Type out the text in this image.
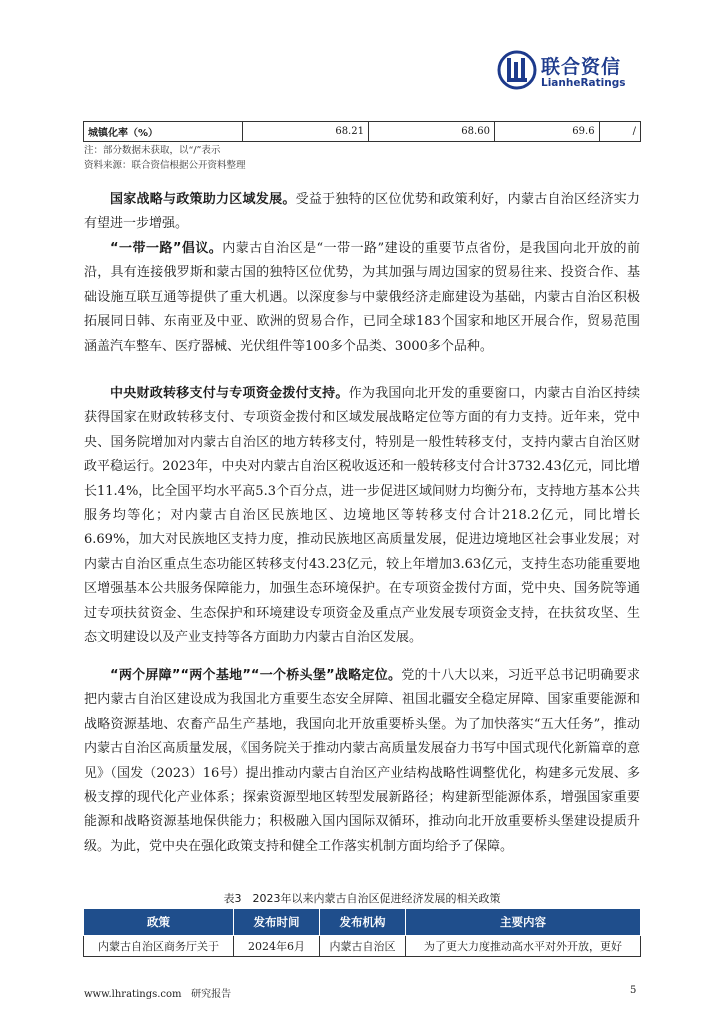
联合资信
LianheRatings
城镇化率（%）	68.21	68.60	69.6	/
注：部分数据未获取，以“/”表示
资料来源：联合资信根据公开资料整理

国家战略与政策助力区域发展。受益于独特的区位优势和政策利好，内蒙古自治区经济实力有望进一步增强。

“一带一路”倡议。内蒙古自治区是“一带一路”建设的重要节点省份，是我国向北开放的前沿，具有连接俄罗斯和蒙古国的独特区位优势，为其加强与周边国家的贸易往来、投资合作、基础设施互联互通等提供了重大机遇。以深度参与中蒙俄经济走廊建设为基础，内蒙古自治区积极拓展同日韩、东南亚及中亚、欧洲的贸易合作，已同全球183个国家和地区开展合作，贸易范围涵盖汽车整车、医疗器械、光伏组件等100多个品类、3000多个品种。

中央财政转移支付与专项资金拨付支持。作为我国向北开发的重要窗口，内蒙古自治区持续获得国家在财政转移支付、专项资金拨付和区域发展战略定位等方面的有力支持。近年来，党中央、国务院增加对内蒙古自治区的地方转移支付，特别是一般性转移支付，支持内蒙古自治区财政平稳运行。2023年，中央对内蒙古自治区税收返还和一般转移支付合计3732.43亿元，同比增长11.4%，比全国平均水平高5.3个百分点，进一步促进区域间财力均衡分布，支持地方基本公共服务均等化；对内蒙古自治区民族地区、边境地区等转移支付合计218.2亿元，同比增长6.69%，加大对民族地区支持力度，推动民族地区高质量发展，促进边境地区社会事业发展；对内蒙古自治区重点生态功能区转移支付43.23亿元，较上年增加3.63亿元，支持生态功能重要地区增强基本公共服务保障能力，加强生态环境保护。在专项资金拨付方面，党中央、国务院等通过专项扶贫资金、生态保护和环境建设专项资金及重点产业发展专项资金支持，在扶贫攻坚、生态文明建设以及产业支持等各方面助力内蒙古自治区发展。

“两个屏障”“两个基地”“一个桥头堡”战略定位。党的十八大以来，习近平总书记明确要求把内蒙古自治区建设成为我国北方重要生态安全屏障、祖国北疆安全稳定屏障、国家重要能源和战略资源基地、农畜产品生产基地，我国向北开放重要桥头堡。为了加快落实“五大任务”，推动内蒙古自治区高质量发展，《国务院关于推动内蒙古高质量发展奋力书写中国式现代化新篇章的意见》（国发（2023）16号）提出推动内蒙古自治区产业结构战略性调整优化，构建多元发展、多极支撑的现代化产业体系；探索资源型地区转型发展新路径；构建新型能源体系，增强国家重要能源和战略资源基地保供能力；积极融入国内国际双循环，推动向北开放重要桥头堡建设提质升级。为此，党中央在强化政策支持和健全工作落实机制方面均给予了保障。

表3　2023年以来内蒙古自治区促进经济发展的相关政策
政策	发布时间	发布机构	主要内容
内蒙古自治区商务厅关于	2024年6月	内蒙古自治区	为了更大力度推动高水平对外开放，更好
www.lhratings.com 研究报告	5
